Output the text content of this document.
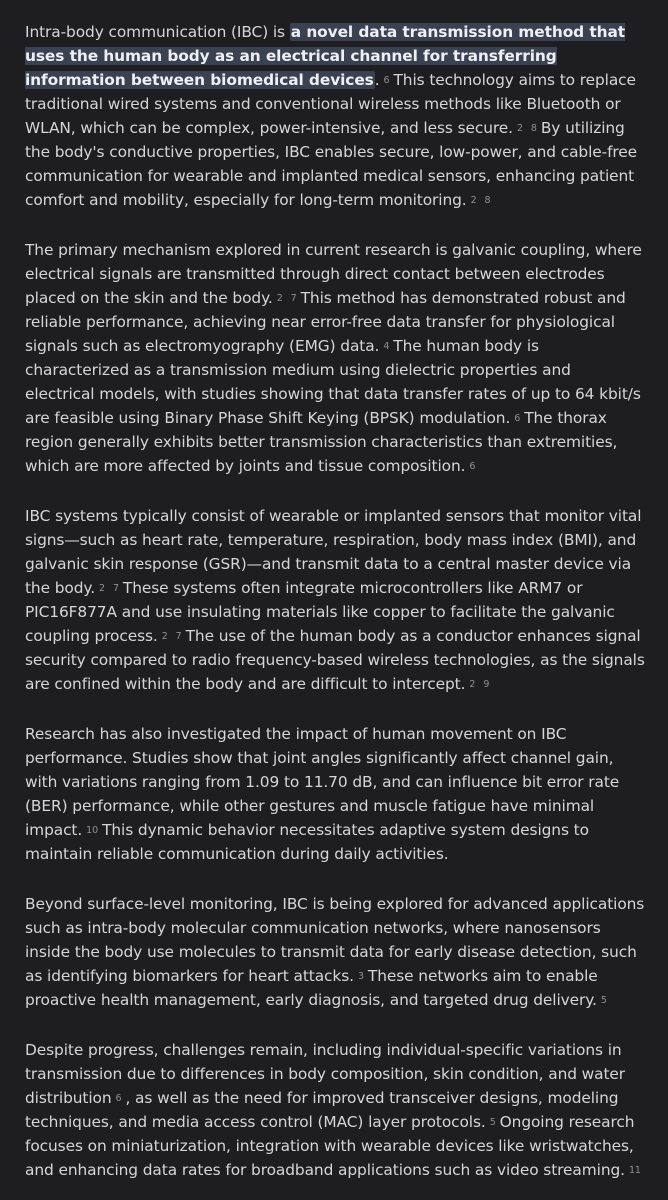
Intra-body communication (IBC) is a novel data transmission method that uses the human body as an electrical channel for transferring information between biomedical devices. 6 This technology aims to replace traditional wired systems and conventional wireless methods like Bluetooth or WLAN, which can be complex, power-intensive, and less secure. 2 8 By utilizing the body's conductive properties, IBC enables secure, low-power, and cable-free communication for wearable and implanted medical sensors, enhancing patient comfort and mobility, especially for long-term monitoring. 2 8

The primary mechanism explored in current research is galvanic coupling, where electrical signals are transmitted through direct contact between electrodes placed on the skin and the body. 2 7 This method has demonstrated robust and reliable performance, achieving near error-free data transfer for physiological signals such as electromyography (EMG) data. 4 The human body is characterized as a transmission medium using dielectric properties and electrical models, with studies showing that data transfer rates of up to 64 kbit/s are feasible using Binary Phase Shift Keying (BPSK) modulation. 6 The thorax region generally exhibits better transmission characteristics than extremities, which are more affected by joints and tissue composition. 6

IBC systems typically consist of wearable or implanted sensors that monitor vital signs—such as heart rate, temperature, respiration, body mass index (BMI), and galvanic skin response (GSR)—and transmit data to a central master device via the body. 2 7 These systems often integrate microcontrollers like ARM7 or PIC16F877A and use insulating materials like copper to facilitate the galvanic coupling process. 2 7 The use of the human body as a conductor enhances signal security compared to radio frequency-based wireless technologies, as the signals are confined within the body and are difficult to intercept. 2 9

Research has also investigated the impact of human movement on IBC performance. Studies show that joint angles significantly affect channel gain, with variations ranging from 1.09 to 11.70 dB, and can influence bit error rate (BER) performance, while other gestures and muscle fatigue have minimal impact. 10 This dynamic behavior necessitates adaptive system designs to maintain reliable communication during daily activities.

Beyond surface-level monitoring, IBC is being explored for advanced applications such as intra-body molecular communication networks, where nanosensors inside the body use molecules to transmit data for early disease detection, such as identifying biomarkers for heart attacks. 3 These networks aim to enable proactive health management, early diagnosis, and targeted drug delivery. 5

Despite progress, challenges remain, including individual-specific variations in transmission due to differences in body composition, skin condition, and water distribution 6 , as well as the need for improved transceiver designs, modeling techniques, and media access control (MAC) layer protocols. 5 Ongoing research focuses on miniaturization, integration with wearable devices like wristwatches, and enhancing data rates for broadband applications such as video streaming. 11
